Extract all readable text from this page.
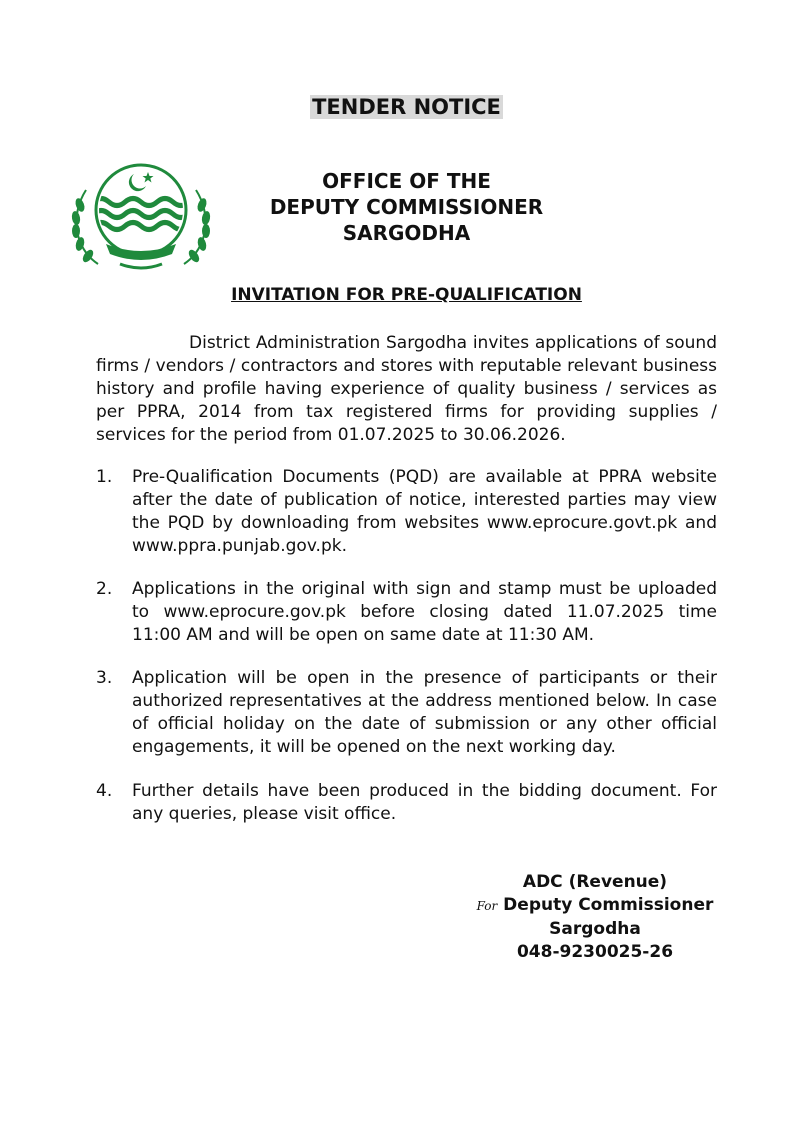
TENDER NOTICE
OFFICE OF THE
DEPUTY COMMISSIONER
SARGODHA
INVITATION FOR PRE-QUALIFICATION
District Administration Sargodha invites applications of sound firms / vendors / contractors and stores with reputable relevant business history and profile having experience of quality business / services as per PPRA, 2014 from tax registered firms for providing supplies / services for the period from 01.07.2025 to 30.06.2026.
1. Pre-Qualification Documents (PQD) are available at PPRA website after the date of publication of notice, interested parties may view the PQD by downloading from websites www.eprocure.govt.pk and www.ppra.punjab.gov.pk.
2. Applications in the original with sign and stamp must be uploaded to www.eprocure.gov.pk before closing dated 11.07.2025 time 11:00 AM and will be open on same date at 11:30 AM.
3. Application will be open in the presence of participants or their authorized representatives at the address mentioned below. In case of official holiday on the date of submission or any other official engagements, it will be opened on the next working day.
4. Further details have been produced in the bidding document. For any queries, please visit office.
ADC (Revenue)
For Deputy Commissioner
Sargodha
048-9230025-26
